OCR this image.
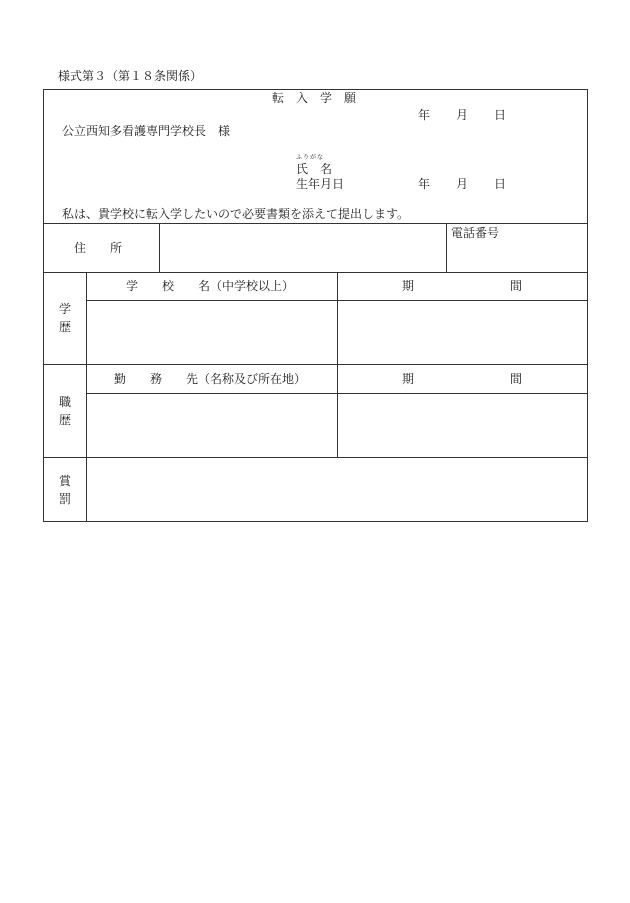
様式第３（第１８条関係）
転　入　学　願
年 月 日
公立西知多看護専門学校長　様
ふりがな
氏　名
生年月日	年 月 日
私は、貴学校に転入学したいので必要書類を添えて提出します。
住　　所
電話番号
学歴
学　　校　　名（中学校以上）	期　　　　　　　　間
職歴
勤　　務　　先（名称及び所在地）	期　　　　　　　　間
賞罰
